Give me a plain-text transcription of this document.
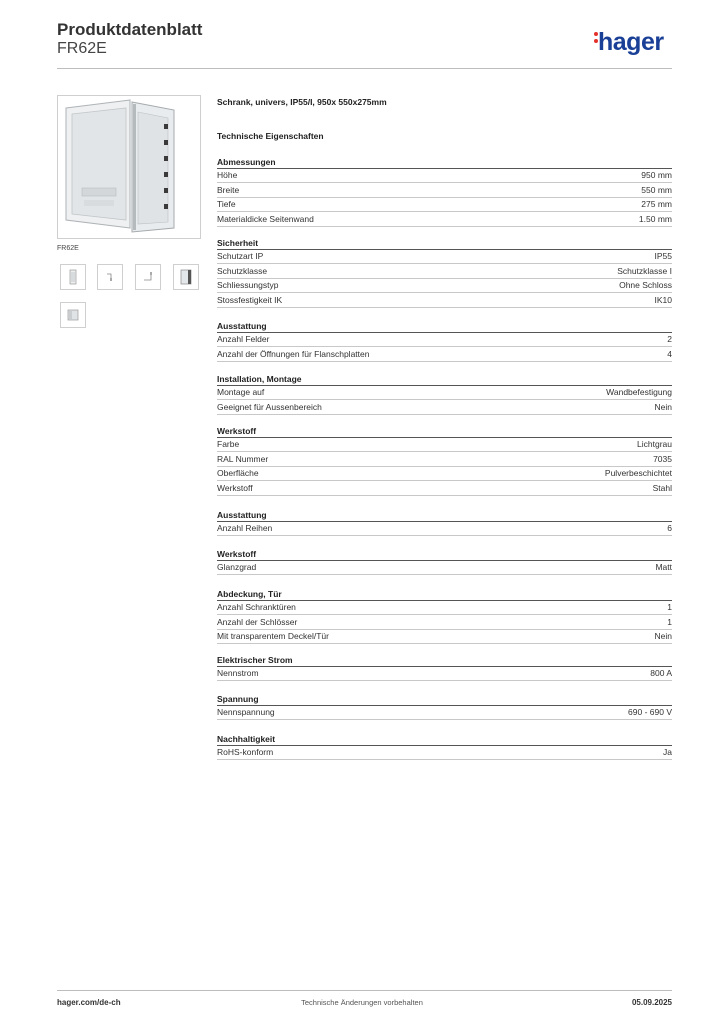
Produktdatenblatt
FR62E	hager
FR62E
Schrank, univers, IP55/I, 950x 550x275mm
Technische Eigenschaften
Abmessungen
Höhe	950 mm
Breite	550 mm
Tiefe	275 mm
Materialdicke Seitenwand	1.50 mm
Sicherheit
Schutzart IP	IP55
Schutzklasse	Schutzklasse I
Schliessungstyp	Ohne Schloss
Stossfestigkeit IK	IK10
Ausstattung
Anzahl Felder	2
Anzahl der Öffnungen für Flanschplatten	4
Installation, Montage
Montage auf	Wandbefestigung
Geeignet für Aussenbereich	Nein
Werkstoff
Farbe	Lichtgrau
RAL Nummer	7035
Oberfläche	Pulverbeschichtet
Werkstoff	Stahl
Ausstattung
Anzahl Reihen	6
Werkstoff
Glanzgrad	Matt
Abdeckung, Tür
Anzahl Schranktüren	1
Anzahl der Schlösser	1
Mit transparentem Deckel/Tür	Nein
Elektrischer Strom
Nennstrom	800 A
Spannung
Nennspannung	690 - 690 V
Nachhaltigkeit
RoHS-konform	Ja
hager.com/de-ch	Technische Änderungen vorbehalten	05.09.2025
